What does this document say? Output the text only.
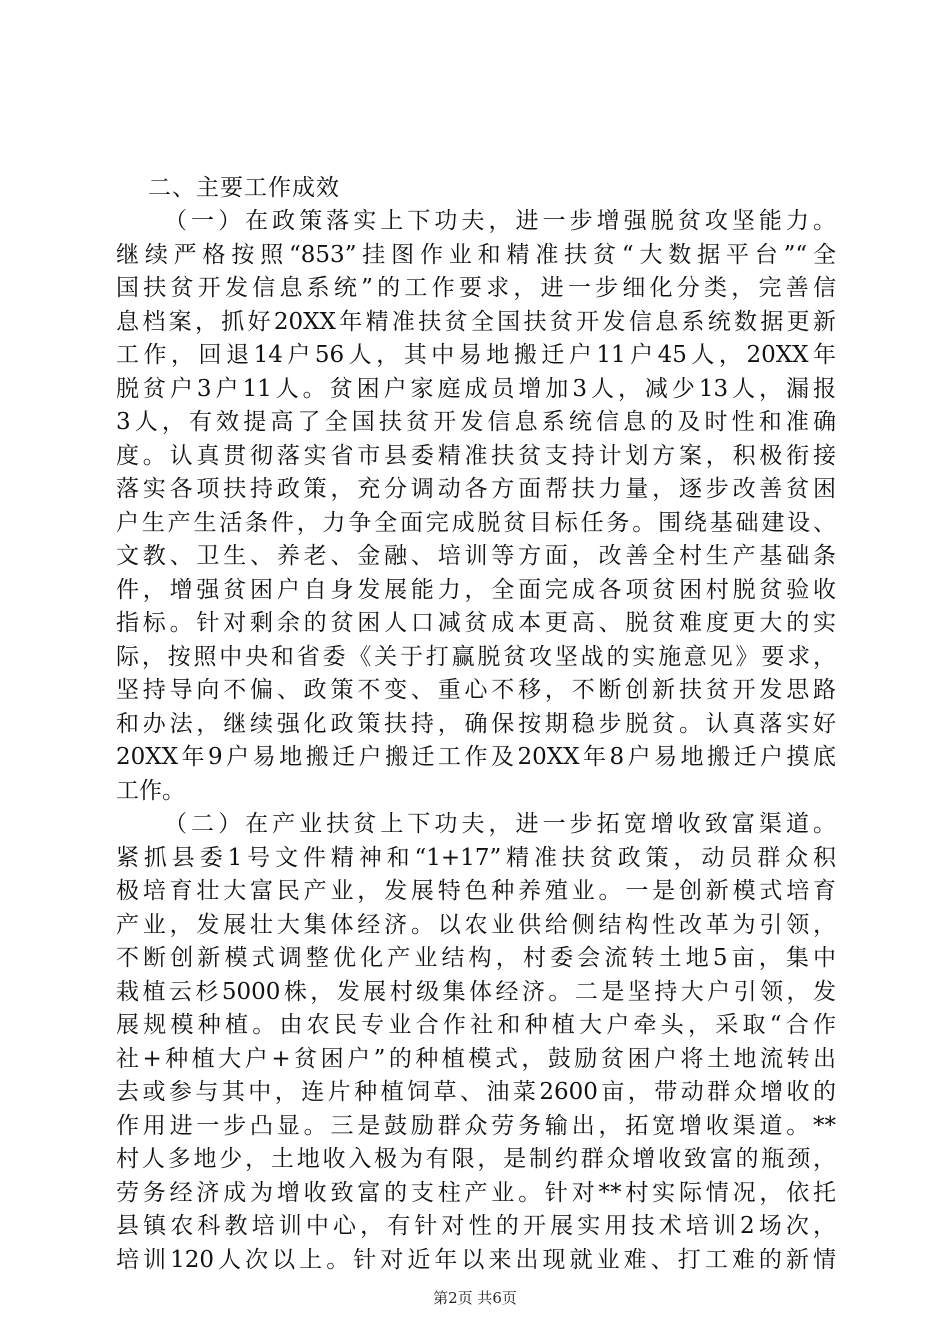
二、主要工作成效
（一）在政策落实上下功夫，进一步增强脱贫攻坚能力。
继续严格按照“853”挂图作业和精准扶贫“大数据平台”“全
国扶贫开发信息系统”的工作要求，进一步细化分类，完善信
息档案，抓好20XX年精准扶贫全国扶贫开发信息系统数据更新
工作，回退14户56人，其中易地搬迁户11户45人，20XX年
脱贫户3户11人。贫困户家庭成员增加3人，减少13人，漏报
3人，有效提高了全国扶贫开发信息系统信息的及时性和准确
度。认真贯彻落实省市县委精准扶贫支持计划方案，积极衔接
落实各项扶持政策，充分调动各方面帮扶力量，逐步改善贫困
户生产生活条件，力争全面完成脱贫目标任务。围绕基础建设、
文教、卫生、养老、金融、培训等方面，改善全村生产基础条
件，增强贫困户自身发展能力，全面完成各项贫困村脱贫验收
指标。针对剩余的贫困人口减贫成本更高、脱贫难度更大的实
际，按照中央和省委《关于打赢脱贫攻坚战的实施意见》要求，
坚持导向不偏、政策不变、重心不移，不断创新扶贫开发思路
和办法，继续强化政策扶持，确保按期稳步脱贫。认真落实好
20XX年9户易地搬迁户搬迁工作及20XX年8户易地搬迁户摸底
工作。
（二）在产业扶贫上下功夫，进一步拓宽增收致富渠道。
紧抓县委1号文件精神和“1+17”精准扶贫政策，动员群众积
极培育壮大富民产业，发展特色种养殖业。一是创新模式培育
产业，发展壮大集体经济。以农业供给侧结构性改革为引领，
不断创新模式调整优化产业结构，村委会流转土地5亩，集中
栽植云杉5000株，发展村级集体经济。二是坚持大户引领，发
展规模种植。由农民专业合作社和种植大户牵头，采取“合作
社+种植大户+贫困户”的种植模式，鼓励贫困户将土地流转出
去或参与其中，连片种植饲草、油菜2600亩，带动群众增收的
作用进一步凸显。三是鼓励群众劳务输出，拓宽增收渠道。**
村人多地少，土地收入极为有限，是制约群众增收致富的瓶颈，
劳务经济成为增收致富的支柱产业。针对**村实际情况，依托
县镇农科教培训中心，有针对性的开展实用技术培训2场次，
培训120人次以上。针对近年以来出现就业难、打工难的新情
第2页 共6页
